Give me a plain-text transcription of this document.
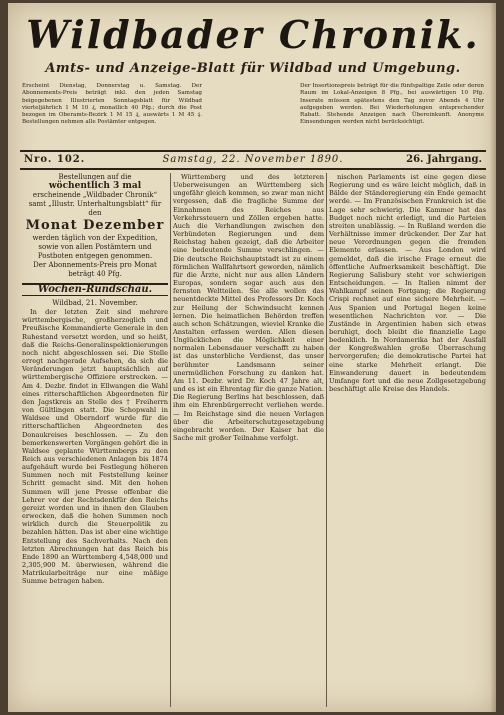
Wildbader Chronik.
Amts- und Anzeige-Blatt für Wildbad und Umgebung.
Erscheint Dienstag, Donnerstag u. Samstag. Der Abonnements-Preis beträgt inkl. den jeden Samstag beigegebenen Illustrierten Sonntagsblatt für Wildbad vierteljährlich 1 M 10 ₰, monatlich 40 Pfg.; durch die Post bezogen im Oberamts-Bezirk 1 M 15 ₰, auswärts 1 M 45 ₰. Bestellungen nehmen alle Postämter entgegen.
Der Insertionspreis beträgt für die fünfspaltige Zeile oder deren Raum im Lokal-Anzeigen 8 Pfg., bei auswärtigen 10 Pfg. Inserate müssen spätestens den Tag zuvor Abends 4 Uhr aufgegeben werden. Bei Wiederholungen entsprechender Rabatt. Stehende Anzeigen nach Übereinkunft. Anonyme Einsendungen werden nicht berücksichtigt.
Nro. 102.	Samstag, 22. November 1890.	26. Jahrgang.
Bestellungen auf die
wöchentlich 3 mal
erscheinende „Wildbader Chronik“
samt „Illustr. Unterhaltungsblatt“ für den
Monat Dezember
werden täglich von der Expedition, sowie von allen Postämtern und Postboten entgegen genommen.
Der Abonnements-Preis pro Monat beträgt 40 Pfg.
Wochen-Rundschau.
Wildbad, 21. November.

In der letzten Zeit sind mehrere württembergische, großherzoglich und Preußische Kommandierte Generale in den Ruhestand versetzt worden, und so heißt, daß die Reichs-Generalinspektionierungen noch nicht abgeschlossen sei. Die Stelle erregt nachgerade Aufsehen, da sich die Veränderungen jetzt hauptsächlich auf württembergische Offiziere erstrecken. — Am 4. Dezbr. findet in Ellwangen die Wahl eines ritterschaftlichen Abgeordneten für den Jagstkreis an Stelle des † Freiherrn von Gültlingen statt. Die Schopwahl in Waldsee und Oberndorf wurde für die ritterschaftlichen Abgeordneten des Donaukreises beschlossen. — Zu den bemerkenswerten Vorgängen gehört die in Waldsee geplante Württembergs zu den Reich aus verschiedenen Anlagen bis 1874 aufgehäuft wurde bei Festlegung höheren Summen noch mit Feststellung keiner Schritt gemacht sind. Mit den hohen Summen will jene Presse offenbar die Lehrer vor der Rechtsdenkfür den Reichs gereizt worden und in ihnen den Glauben erwecken, daß die hohen Summen noch wirklich durch die Steuerpolitik zu bezahlen hätten. Das ist aber eine wichtige Entstellung des Sachverhalts. Nach den letzten Abrechnungen hat das Reich bis Ende 1890 an Württemberg 4,548,000 und 2,305,900 M. überwiesen, während die Matrikularbeiträge nur eine mäßige Summe betragen haben.

Württemberg und des letzteren Ueberweisungen an Württemberg sich ungefähr gleich kommen, so zwar man nicht vergessen, daß die fragliche Summe der Einnahmen des Reiches aus Verkehrssteuern und Zöllen ergeben hatte. Auch die Verhandlungen zwischen den Verbündeten Regierungen und dem Reichstag haben gezeigt, daß die Arbeiter eine bedeutende Summe verschlingen. — Die deutsche Reichshauptstadt ist zu einem förmlichen Wallfahrtsort geworden, nämlich für die Ärzte, nicht nur aus allen Ländern Europas, sondern sogar auch aus den fernsten Weltteilen. Sie alle wollen das neuentdeckte Mittel des Professors Dr. Koch zur Heilung der Schwindsucht kennen lernen. Die heimatlichen Behörden treffen auch schon Schätzungen, wieviel Kranke die Anstalten erfassen werden. Allen diesen Unglücklichen die Möglichkeit einer normalen Lebensdauer verschafft zu haben ist das unsterbliche Verdienst, das unser berühmter Landsmann seiner unermüdlichen Forschung zu danken hat. Am 11. Dezbr. wird Dr. Koch 47 Jahre alt, und es ist ein Ehrentag für die ganze Nation. Die Regierung Berlins hat beschlossen, daß ihm ein Ehrenbürgerrecht verliehen werde. — Im Reichstage sind die neuen Vorlagen über die Arbeiterschutzgesetzgebung eingebracht worden. Der Kaiser hat die Sache mit großer Teilnahme verfolgt.

nischen Parlaments ist eine gegen diese Regierung und es wäre leicht möglich, daß in Bälde der Ständeregierung ein Ende gemacht werde. — Im Französischen Frankreich ist die Lage sehr schwierig. Die Kammer hat das Budget noch nicht erledigt, und die Parteien streiten unablässig. — In Rußland werden die Verhältnisse immer drückender. Der Zar hat neue Verordnungen gegen die fremden Elemente erlassen. — Aus London wird gemeldet, daß die irische Frage erneut die öffentliche Aufmerksamkeit beschäftigt. Die Regierung Salisbury steht vor schwierigen Entscheidungen. — In Italien nimmt der Wahlkampf seinen Fortgang; die Regierung Crispi rechnet auf eine sichere Mehrheit. — Aus Spanien und Portugal liegen keine wesentlichen Nachrichten vor. — Die Zustände in Argentinien haben sich etwas beruhigt, doch bleibt die finanzielle Lage bedenklich. In Nordamerika hat der Ausfall der Kongreßwahlen große Überraschung hervorgerufen; die demokratische Partei hat eine starke Mehrheit erlangt. Die Einwanderung dauert in bedeutendem Umfange fort und die neue Zollgesetzgebung beschäftigt alle Kreise des Handels.
